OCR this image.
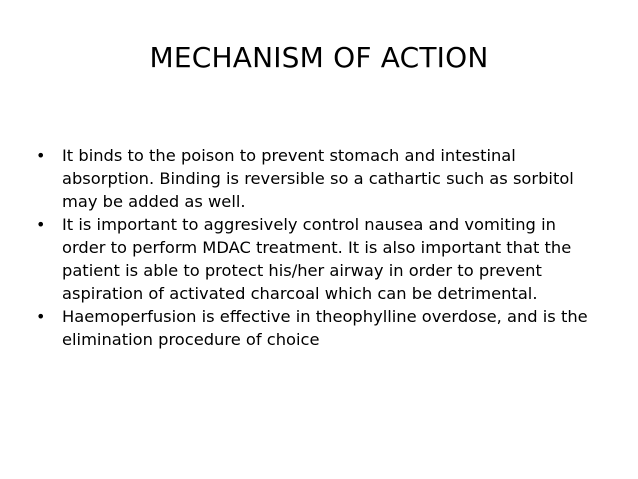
MECHANISM OF ACTION
•	It binds to the poison to prevent stomach and intestinal absorption. Binding is reversible so a cathartic such as sorbitol may be added as well.
•	It is important to aggresively control nausea and vomiting in order to perform MDAC treatment. It is also important that the patient is able to protect his/her airway in order to prevent aspiration of activated charcoal which can be detrimental.
•	Haemoperfusion is effective in theophylline overdose, and is the elimination procedure of choice
